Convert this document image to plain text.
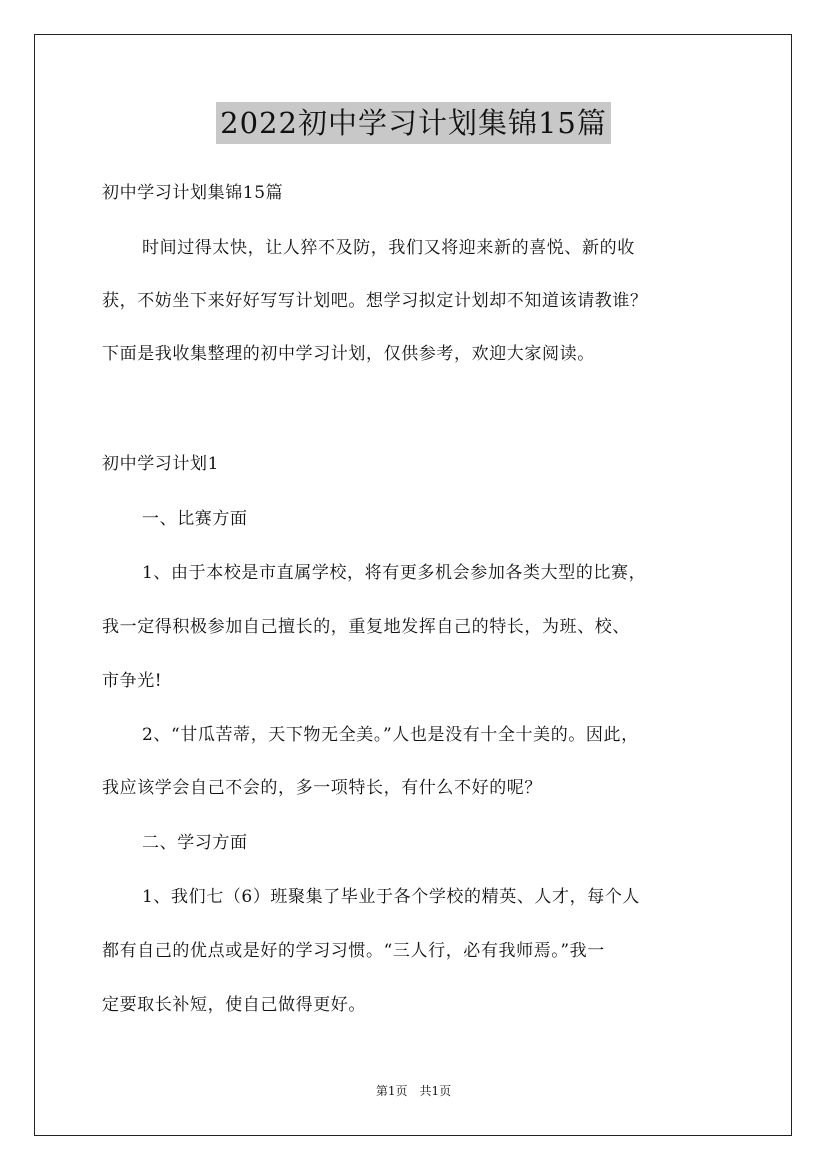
2022初中学习计划集锦15篇
初中学习计划集锦15篇
时间过得太快，让人猝不及防，我们又将迎来新的喜悦、新的收
获，不妨坐下来好好写写计划吧。想学习拟定计划却不知道该请教谁？
下面是我收集整理的初中学习计划，仅供参考，欢迎大家阅读。
初中学习计划1
一、比赛方面
1、由于本校是市直属学校，将有更多机会参加各类大型的比赛，
我一定得积极参加自己擅长的，重复地发挥自己的特长，为班、校、
市争光!
2、“甘瓜苦蒂，天下物无全美。”人也是没有十全十美的。因此，
我应该学会自己不会的，多一项特长，有什么不好的呢？
二、学习方面
1、我们七（6）班聚集了毕业于各个学校的精英、人才，每个人
都有自己的优点或是好的学习习惯。“三人行，必有我师焉。”我一
定要取长补短，使自己做得更好。
第1页　共1页
